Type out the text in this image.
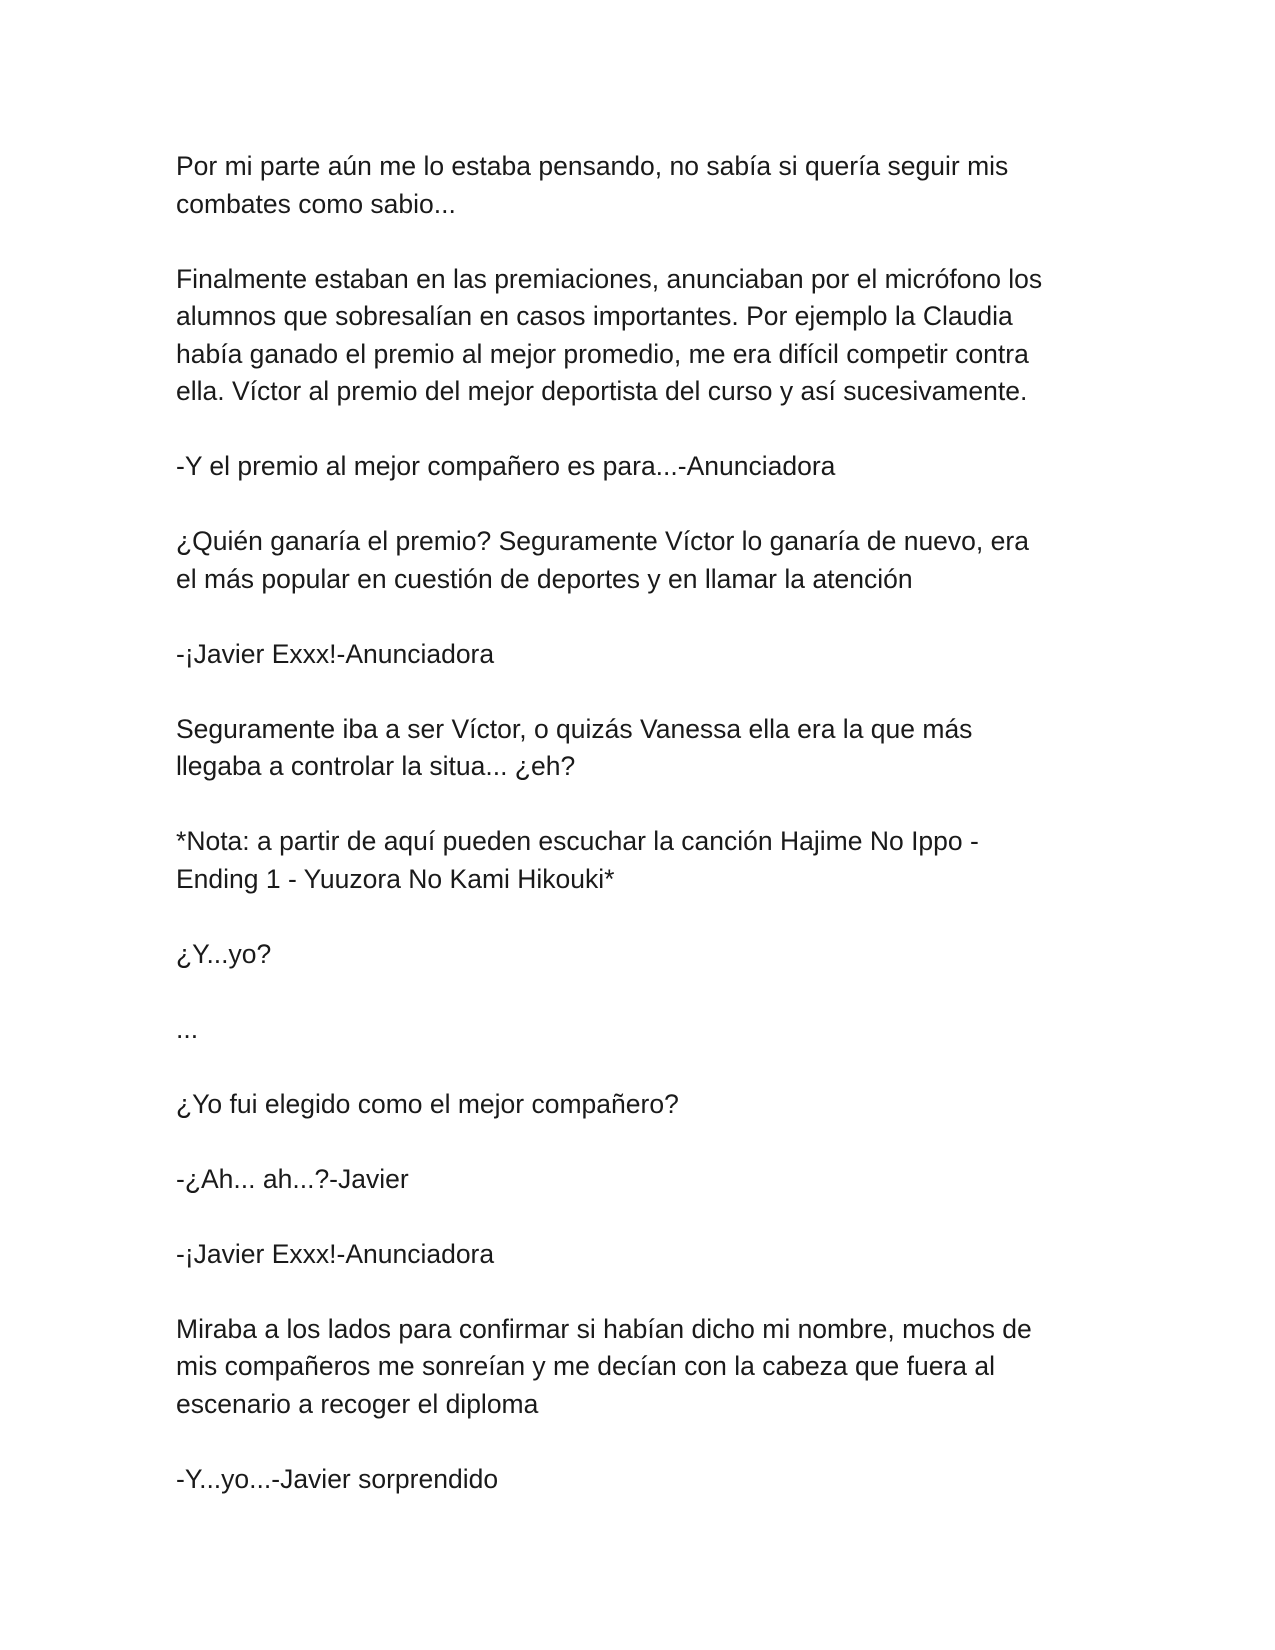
Por mi parte aún me lo estaba pensando, no sabía si quería seguir mis
combates como sabio...

Finalmente estaban en las premiaciones, anunciaban por el micrófono los
alumnos que sobresalían en casos importantes. Por ejemplo la Claudia
había ganado el premio al mejor promedio, me era difícil competir contra
ella. Víctor al premio del mejor deportista del curso y así sucesivamente.

-Y el premio al mejor compañero es para...-Anunciadora

¿Quién ganaría el premio? Seguramente Víctor lo ganaría de nuevo, era
el más popular en cuestión de deportes y en llamar la atención

-¡Javier Exxx!-Anunciadora

Seguramente iba a ser Víctor, o quizás Vanessa ella era la que más
llegaba a controlar la situa... ¿eh?

*Nota: a partir de aquí pueden escuchar la canción Hajime No Ippo -
Ending 1 - Yuuzora No Kami Hikouki*

¿Y...yo?

...

¿Yo fui elegido como el mejor compañero?

-¿Ah... ah...?-Javier

-¡Javier Exxx!-Anunciadora

Miraba a los lados para confirmar si habían dicho mi nombre, muchos de
mis compañeros me sonreían y me decían con la cabeza que fuera al
escenario a recoger el diploma

-Y...yo...-Javier sorprendido
